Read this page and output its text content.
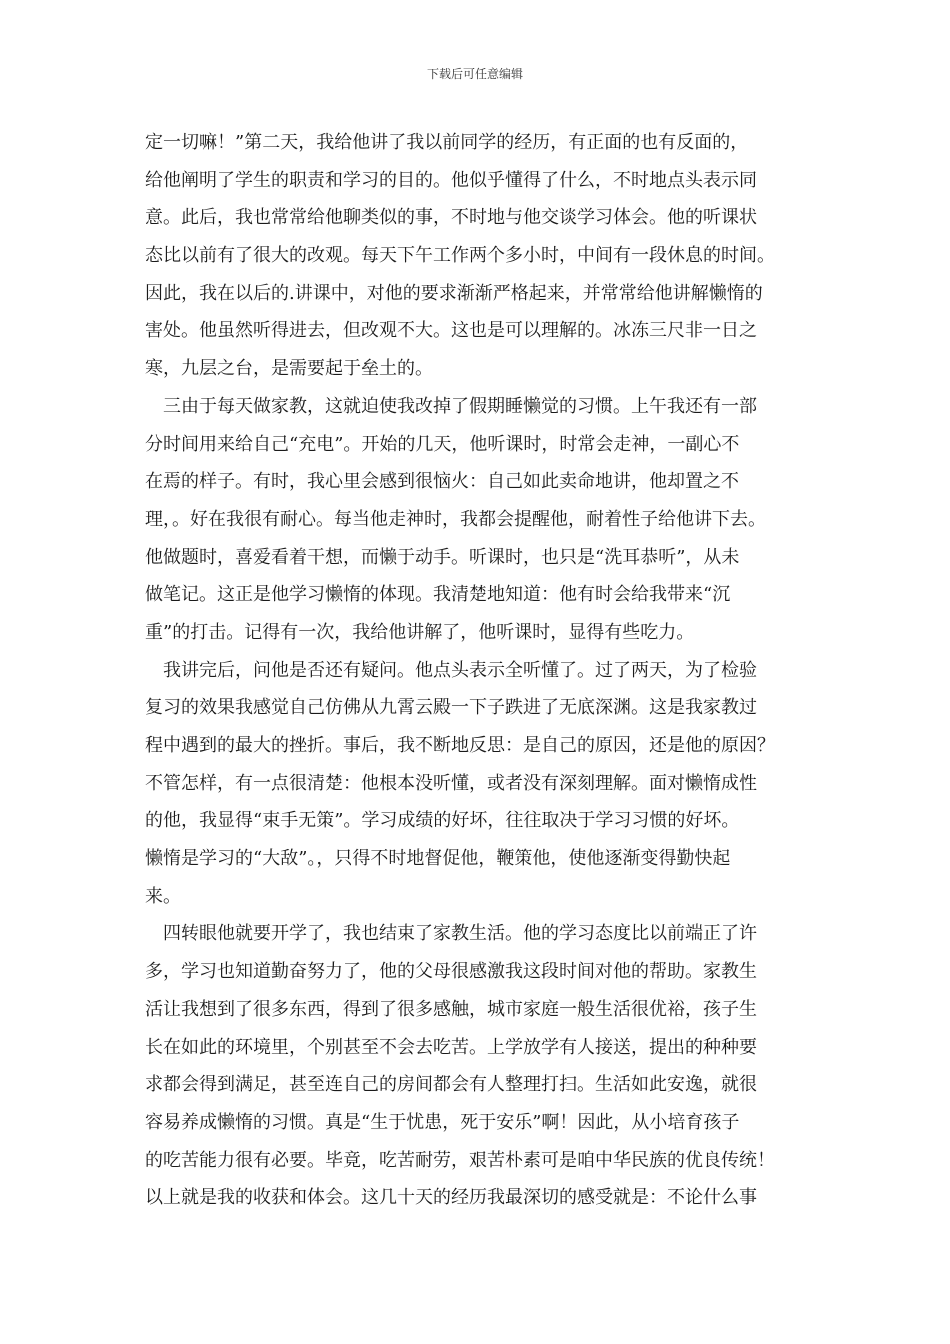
下载后可任意编辑
定一切嘛！”第二天，我给他讲了我以前同学的经历，有正面的也有反面的，
给他阐明了学生的职责和学习的目的。他似乎懂得了什么，不时地点头表示同
意。此后，我也常常给他聊类似的事，不时地与他交谈学习体会。他的听课状
态比以前有了很大的改观。每天下午工作两个多小时，中间有一段休息的时间。
因此，我在以后的.讲课中，对他的要求渐渐严格起来，并常常给他讲解懒惰的
害处。他虽然听得进去，但改观不大。这也是可以理解的。冰冻三尺非一日之
寒，九层之台，是需要起于垒土的。
三由于每天做家教，这就迫使我改掉了假期睡懒觉的习惯。上午我还有一部
分时间用来给自己“充电”。开始的几天，他听课时，时常会走神，一副心不
在焉的样子。有时，我心里会感到很恼火：自己如此卖命地讲，他却置之不
理，。好在我很有耐心。每当他走神时，我都会提醒他，耐着性子给他讲下去。
他做题时，喜爱看着干想，而懒于动手。听课时，也只是“洗耳恭听”，从未
做笔记。这正是他学习懒惰的体现。我清楚地知道：他有时会给我带来“沉
重”的打击。记得有一次，我给他讲解了，他听课时，显得有些吃力。
我讲完后，问他是否还有疑问。他点头表示全听懂了。过了两天，为了检验
复习的效果我感觉自己仿佛从九霄云殿一下子跌进了无底深渊。这是我家教过
程中遇到的最大的挫折。事后，我不断地反思：是自己的原因，还是他的原因？
不管怎样，有一点很清楚：他根本没听懂，或者没有深刻理解。面对懒惰成性
的他，我显得“束手无策”。学习成绩的好坏，往往取决于学习习惯的好坏。
懒惰是学习的“大敌”。，只得不时地督促他，鞭策他，使他逐渐变得勤快起
来。
四转眼他就要开学了，我也结束了家教生活。他的学习态度比以前端正了许
多，学习也知道勤奋努力了，他的父母很感激我这段时间对他的帮助。家教生
活让我想到了很多东西，得到了很多感触，城市家庭一般生活很优裕，孩子生
长在如此的环境里，个别甚至不会去吃苦。上学放学有人接送，提出的种种要
求都会得到满足，甚至连自己的房间都会有人整理打扫。生活如此安逸，就很
容易养成懒惰的习惯。真是“生于忧患，死于安乐”啊！因此，从小培育孩子
的吃苦能力很有必要。毕竟，吃苦耐劳，艰苦朴素可是咱中华民族的优良传统！
以上就是我的收获和体会。这几十天的经历我最深切的感受就是：不论什么事
